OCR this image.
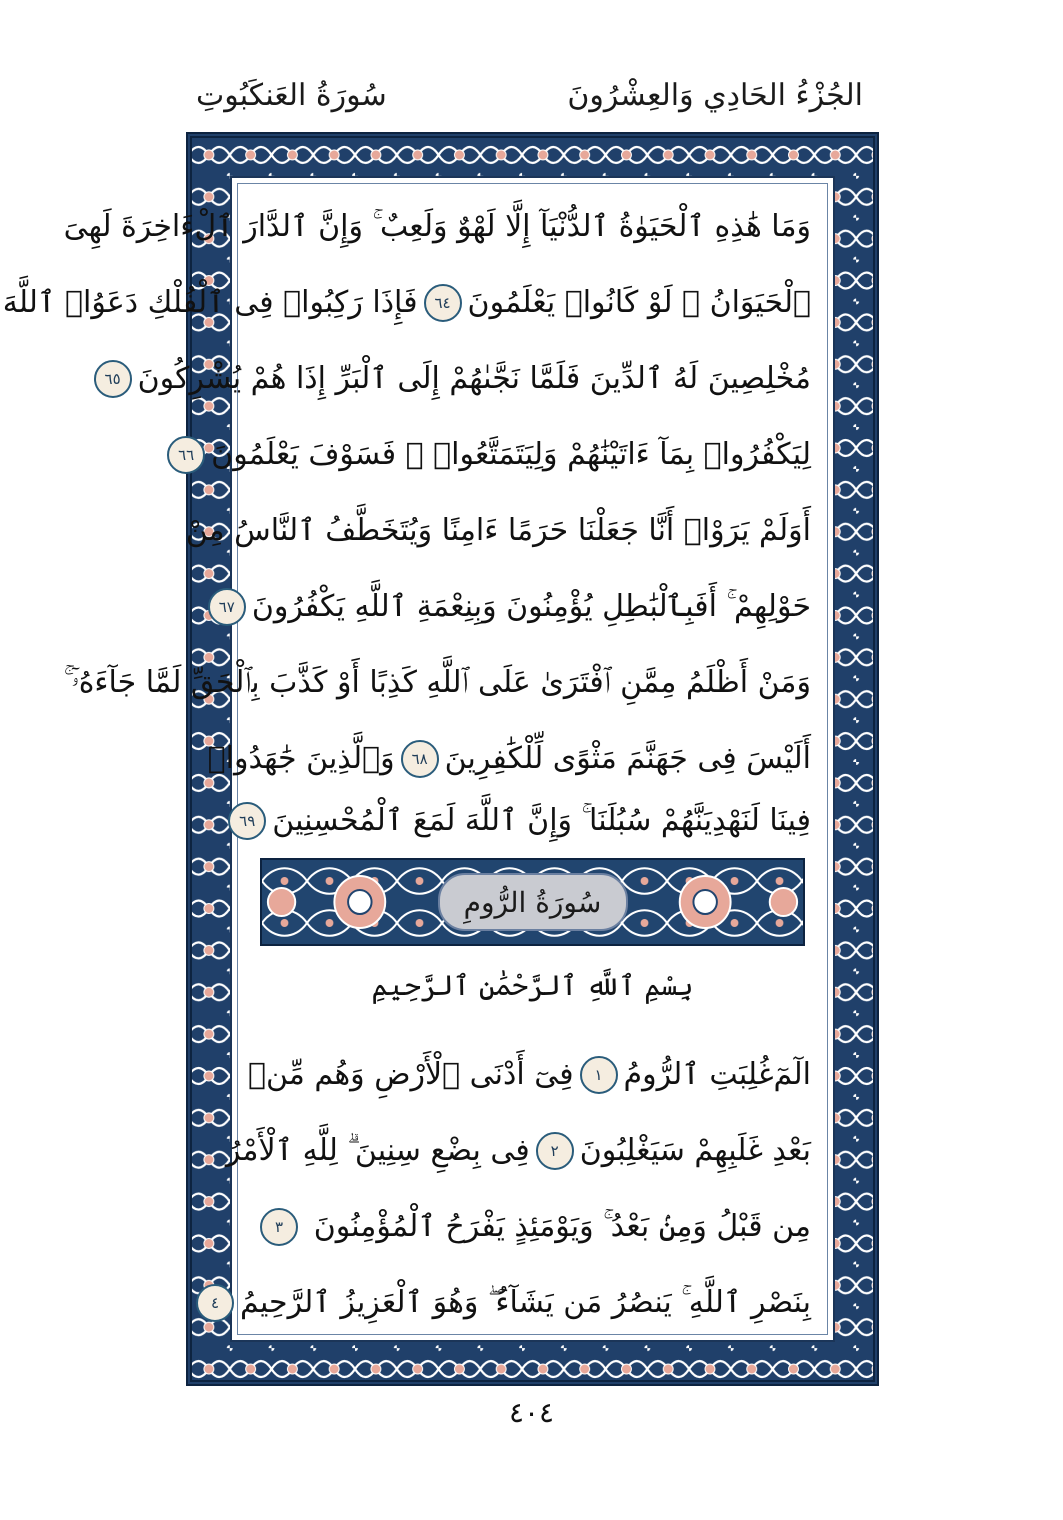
الجُزْءُ الحَادِي وَالعِشْرُونَ
سُورَةُ العَنكَبُوتِ
وَمَا هَٰذِهِ ٱلْحَيَوٰةُ ٱلدُّنْيَآ إِلَّا لَهْوٌ وَلَعِبٌ ۚ وَإِنَّ ٱلدَّارَ ٱلْءَاخِرَةَ لَهِىَ
ٱلْحَيَوَانُ ۚ لَوْ كَانُوا۟ يَعْلَمُونَ
٦٤
فَإِذَا رَكِبُوا۟ فِى ٱلْفُلْكِ دَعَوُا۟ ٱللَّهَ
مُخْلِصِينَ لَهُ ٱلدِّينَ فَلَمَّا نَجَّىٰهُمْ إِلَى ٱلْبَرِّ إِذَا هُمْ يُشْرِكُونَ
٦٥
لِيَكْفُرُوا۟ بِمَآ ءَاتَيْنَٰهُمْ وَلِيَتَمَتَّعُوا۟ ۖ فَسَوْفَ يَعْلَمُونَ
٦٦
أَوَلَمْ يَرَوْا۟ أَنَّا جَعَلْنَا حَرَمًا ءَامِنًا وَيُتَخَطَّفُ ٱلنَّاسُ مِنْ
حَوْلِهِمْ ۚ أَفَبِٱلْبَٰطِلِ يُؤْمِنُونَ وَبِنِعْمَةِ ٱللَّهِ يَكْفُرُونَ
٦٧
وَمَنْ أَظْلَمُ مِمَّنِ ٱفْتَرَىٰ عَلَى ٱللَّهِ كَذِبًا أَوْ كَذَّبَ بِٱلْحَقِّ لَمَّا جَآءَهُۥٓ ۚ
أَلَيْسَ فِى جَهَنَّمَ مَثْوًى لِّلْكَٰفِرِينَ
٦٨
وَٱلَّذِينَ جَٰهَدُوا۟
فِينَا لَنَهْدِيَنَّهُمْ سُبُلَنَا ۚ وَإِنَّ ٱللَّهَ لَمَعَ ٱلْمُحْسِنِينَ
٦٩
سُورَةُ الرُّومِ
بِسْمِ ٱللَّهِ ٱلرَّحْمَٰنِ ٱلرَّحِيمِ
الٓمٓ
غُلِبَتِ ٱلرُّومُ
١
فِىٓ أَدْنَى ٱلْأَرْضِ وَهُم مِّنۢ
بَعْدِ غَلَبِهِمْ سَيَغْلِبُونَ
٢
فِى بِضْعِ سِنِينَ ۗ لِلَّهِ ٱلْأَمْرُ
مِن قَبْلُ وَمِنۢ بَعْدُ ۚ وَيَوْمَئِذٍ يَفْرَحُ ٱلْمُؤْمِنُونَ
٣
بِنَصْرِ ٱللَّهِ ۚ يَنصُرُ مَن يَشَآءُ ۖ وَهُوَ ٱلْعَزِيزُ ٱلرَّحِيمُ
٤
٤٠٤
